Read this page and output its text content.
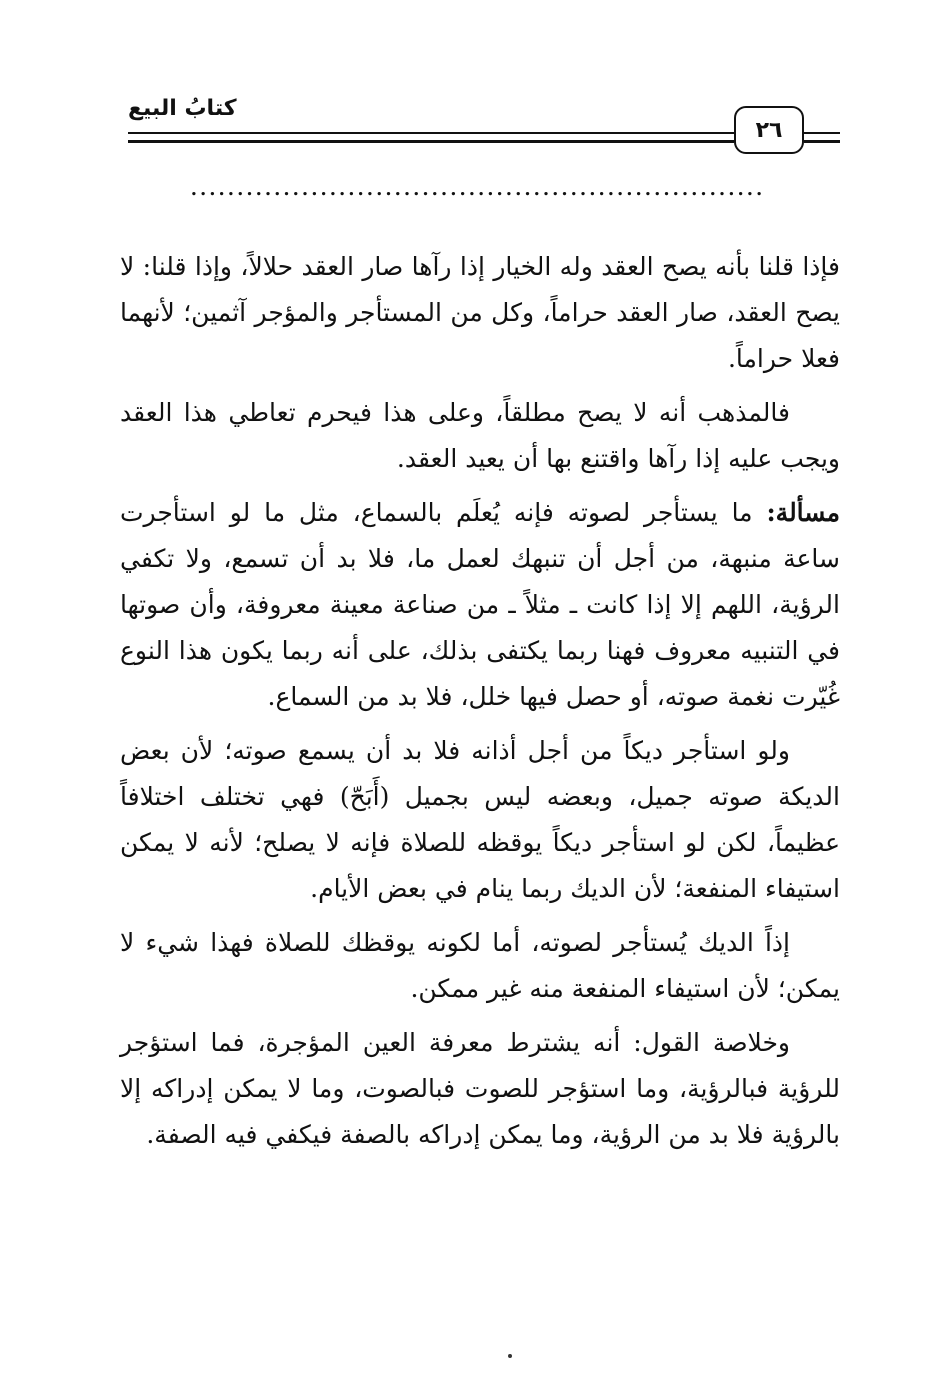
كتابُ البيع
٢٦
..............................................................

فإذا قلنا بأنه يصح العقد وله الخيار إذا رآها صار العقد حلالاً، وإذا قلنا: لا يصح العقد، صار العقد حراماً، وكل من المستأجر والمؤجر آثمين؛ لأنهما فعلا حراماً.

فالمذهب أنه لا يصح مطلقاً، وعلى هذا فيحرم تعاطي هذا العقد ويجب عليه إذا رآها واقتنع بها أن يعيد العقد.

مسألة: ما يستأجر لصوته فإنه يُعلَم بالسماع، مثل ما لو استأجرت ساعة منبهة، من أجل أن تنبهك لعمل ما، فلا بد أن تسمع، ولا تكفي الرؤية، اللهم إلا إذا كانت ـ مثلاً ـ من صناعة معينة معروفة، وأن صوتها في التنبيه معروف فهنا ربما يكتفى بذلك، على أنه ربما يكون هذا النوع غُيّرت نغمة صوته، أو حصل فيها خلل، فلا بد من السماع.

ولو استأجر ديكاً من أجل أذانه فلا بد أن يسمع صوته؛ لأن بعض الديكة صوته جميل، وبعضه ليس بجميل (أَبَحّ) فهي تختلف اختلافاً عظيماً، لكن لو استأجر ديكاً يوقظه للصلاة فإنه لا يصلح؛ لأنه لا يمكن استيفاء المنفعة؛ لأن الديك ربما ينام في بعض الأيام.

إذاً الديك يُستأجر لصوته، أما لكونه يوقظك للصلاة فهذا شيء لا يمكن؛ لأن استيفاء المنفعة منه غير ممكن.

وخلاصة القول: أنه يشترط معرفة العين المؤجرة، فما استؤجر للرؤية فبالرؤية، وما استؤجر للصوت فبالصوت، وما لا يمكن إدراكه إلا بالرؤية فلا بد من الرؤية، وما يمكن إدراكه بالصفة فيكفي فيه الصفة.
